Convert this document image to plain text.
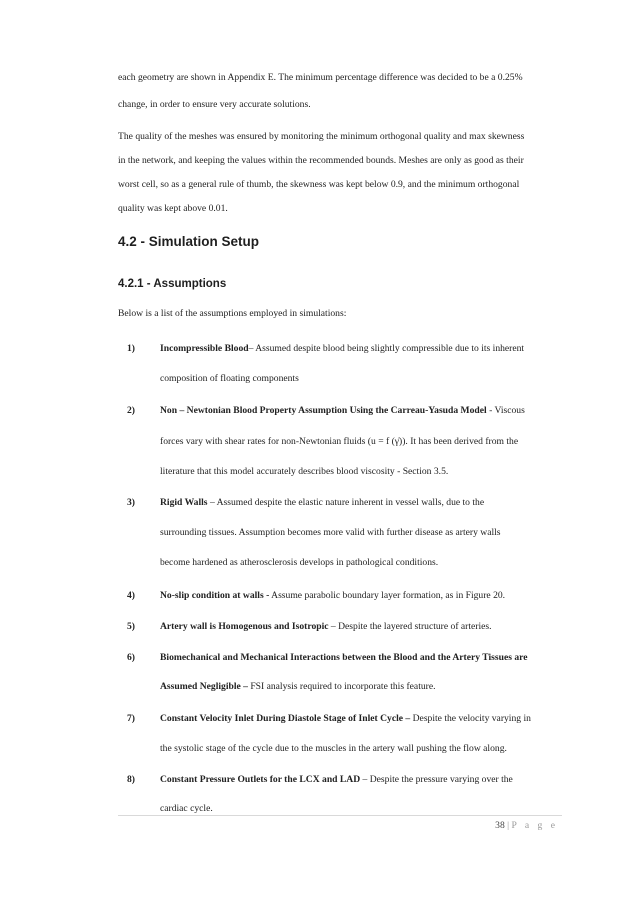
each geometry are shown in Appendix E. The minimum percentage difference was decided to be a 0.25%
change, in order to ensure very accurate solutions.
The quality of the meshes was ensured by monitoring the minimum orthogonal quality and max skewness
in the network, and keeping the values within the recommended bounds. Meshes are only as good as their
worst cell, so as a general rule of thumb, the skewness was kept below 0.9, and the minimum orthogonal
quality was kept above 0.01.
4.2 - Simulation Setup
4.2.1 - Assumptions
Below is a list of the assumptions employed in simulations:
1)	Incompressible Blood– Assumed despite blood being slightly compressible due to its inherent
composition of floating components
2)	Non – Newtonian Blood Property Assumption Using the Carreau-Yasuda Model - Viscous
forces vary with shear rates for non-Newtonian fluids (u = f (γ̇)). It has been derived from the
literature that this model accurately describes blood viscosity - Section 3.5.
3)	Rigid Walls – Assumed despite the elastic nature inherent in vessel walls, due to the
surrounding tissues. Assumption becomes more valid with further disease as artery walls
become hardened as atherosclerosis develops in pathological conditions.
4)	No-slip condition at walls - Assume parabolic boundary layer formation, as in Figure 20.
5)	Artery wall is Homogenous and Isotropic – Despite the layered structure of arteries.
6)	Biomechanical and Mechanical Interactions between the Blood and the Artery Tissues are
Assumed Negligible – FSI analysis required to incorporate this feature.
7)	Constant Velocity Inlet During Diastole Stage of Inlet Cycle – Despite the velocity varying in
the systolic stage of the cycle due to the muscles in the artery wall pushing the flow along.
8)	Constant Pressure Outlets for the LCX and LAD – Despite the pressure varying over the
cardiac cycle.
38 | P a g e
